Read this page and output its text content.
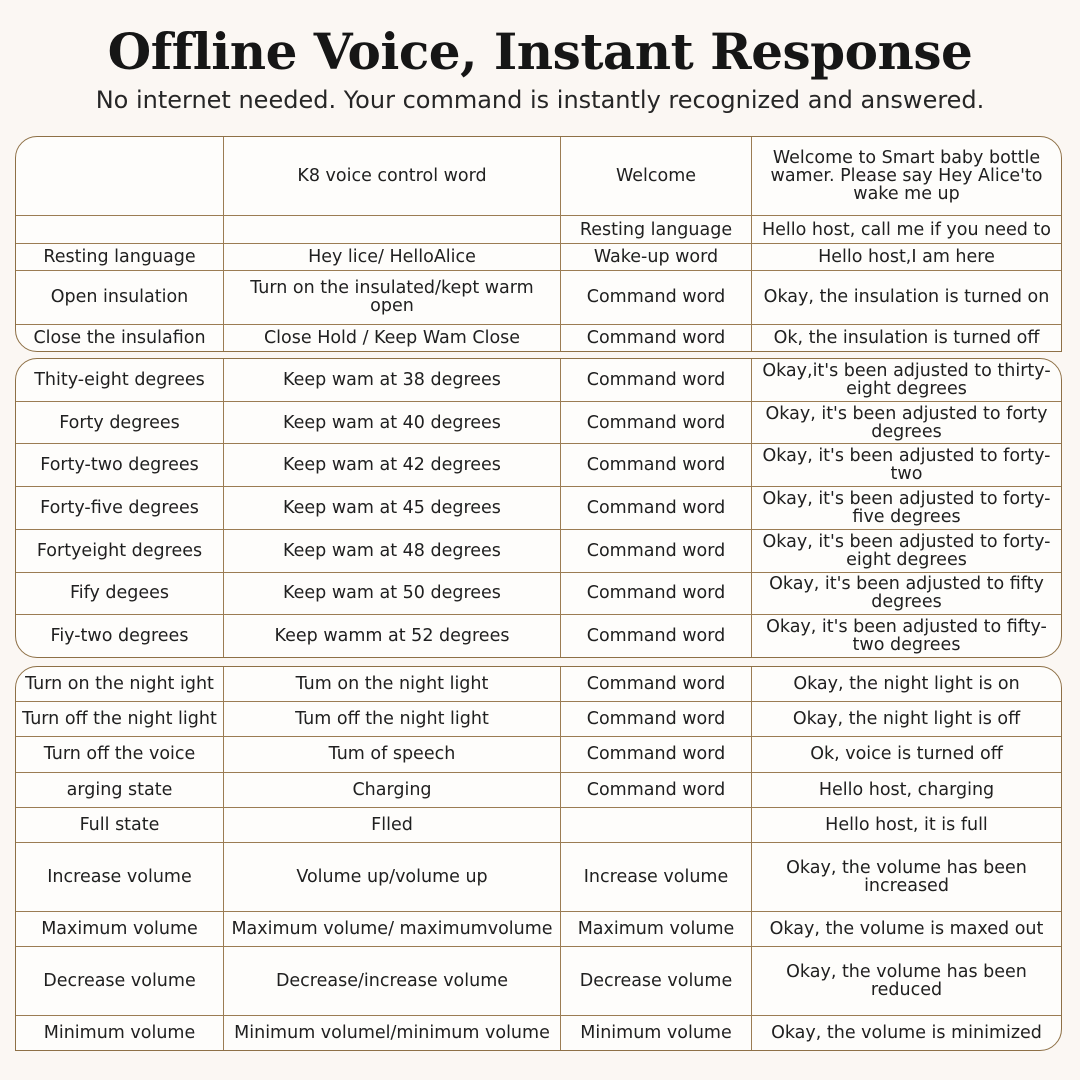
Offline Voice, Instant Response
No internet needed. Your command is instantly recognized and answered.
	K8 voice control word	Welcome	Welcome to Smart baby bottle wamer. Please say Hey Alice'to wake me up
		Resting language	Hello host, call me if you need to
Resting language	Hey lice/ HelloAlice	Wake-up word	Hello host,I am here
Open insulation	Turn on the insulated/kept warm open	Command word	Okay, the insulation is turned on
Close the insulafion	Close Hold / Keep Wam Close	Command word	Ok, the insulation is turned off
Thity-eight degrees	Keep wam at 38 degrees	Command word	Okay,it's been adjusted to thirty-eight degrees
Forty degrees	Keep wam at 40 degrees	Command word	Okay, it's been adjusted to forty degrees
Forty-two degrees	Keep wam at 42 degrees	Command word	Okay, it's been adjusted to forty-two
Forty-five degrees	Keep wam at 45 degrees	Command word	Okay, it's been adjusted to forty-five degrees
Fortyeight degrees	Keep wam at 48 degrees	Command word	Okay, it's been adjusted to forty-eight degrees
Fify degees	Keep wam at 50 degrees	Command word	Okay, it's been adjusted to fifty degrees
Fiy-two degrees	Keep wamm at 52 degrees	Command word	Okay, it's been adjusted to fifty-two degrees
Turn on the night ight	Tum on the night light	Command word	Okay, the night light is on
Turn off the night light	Tum off the night light	Command word	Okay, the night light is off
Turn off the voice	Tum of speech	Command word	Ok, voice is turned off
arging state	Charging	Command word	Hello host, charging
Full state	Flled		Hello host, it is full
Increase volume	Volume up/volume up	Increase volume	Okay, the volume has been increased
Maximum volume	Maximum volume/ maximumvolume	Maximum volume	Okay, the volume is maxed out
Decrease volume	Decrease/increase volume	Decrease volume	Okay, the volume has been reduced
Minimum volume	Minimum volumel/minimum volume	Minimum volume	Okay, the volume is minimized
